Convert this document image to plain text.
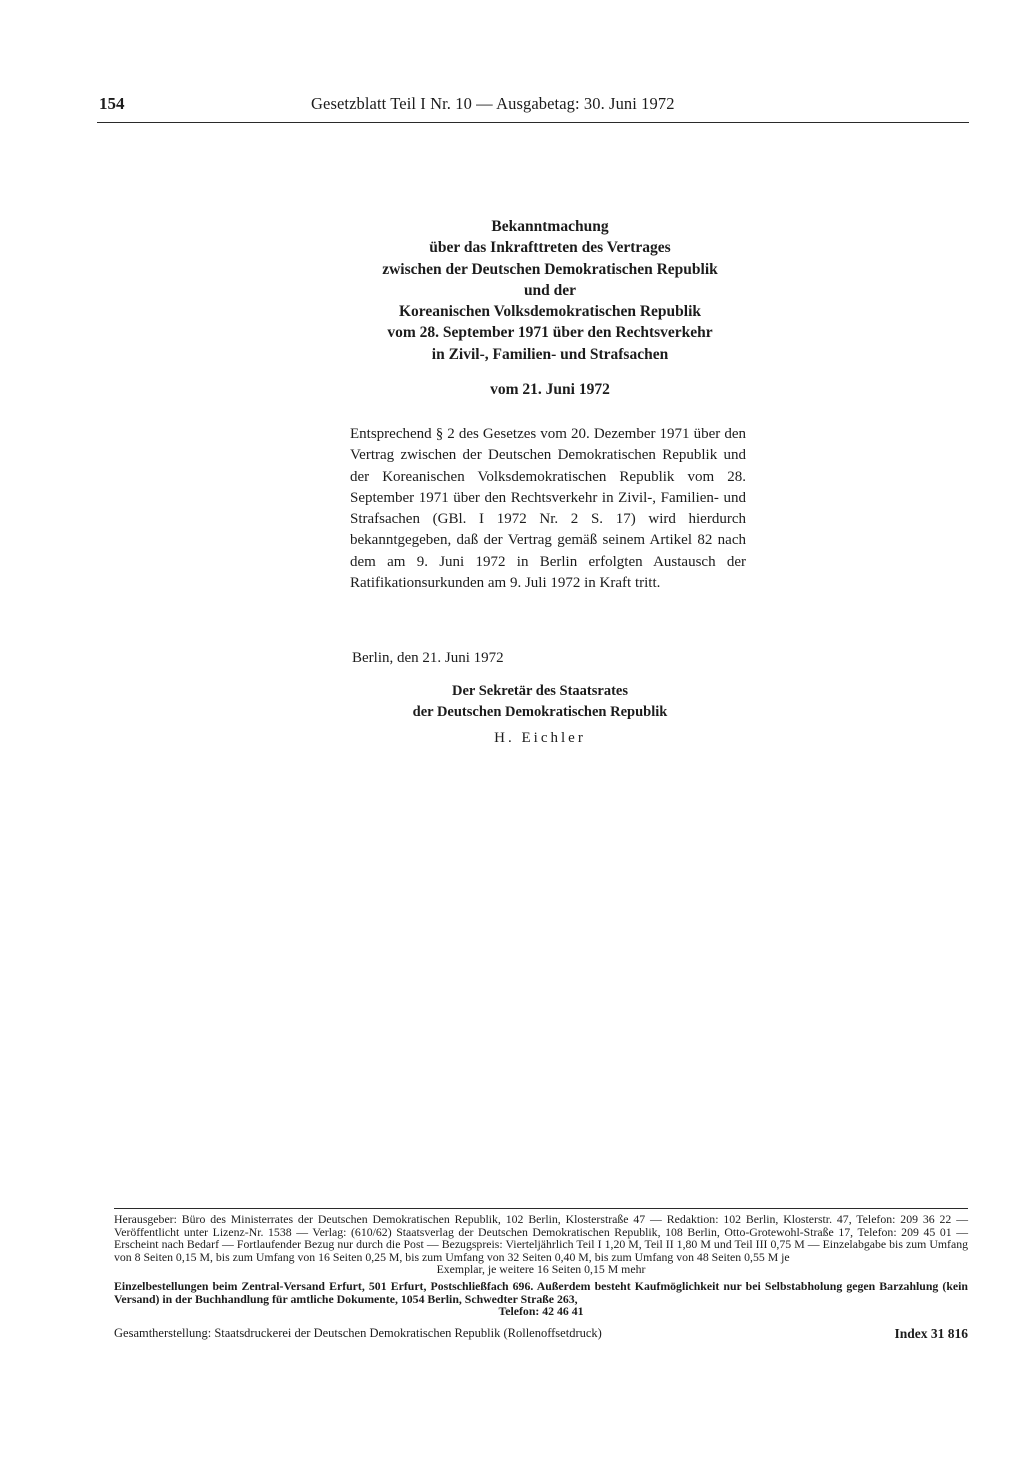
154	Gesetzblatt Teil I Nr. 10 — Ausgabetag: 30. Juni 1972
Bekanntmachung
über das Inkrafttreten des Vertrages
zwischen der Deutschen Demokratischen Republik
und der
Koreanischen Volksdemokratischen Republik
vom 28. September 1971 über den Rechtsverkehr
in Zivil-, Familien- und Strafsachen
vom 21. Juni 1972
Entsprechend § 2 des Gesetzes vom 20. Dezember 1971 über den Vertrag zwischen der Deutschen Demokratischen Republik und der Koreanischen Volksdemokratischen Republik vom 28. September 1971 über den Rechtsverkehr in Zivil-, Familien- und Strafsachen (GBl. I 1972 Nr. 2 S. 17) wird hierdurch bekanntgegeben, daß der Vertrag gemäß seinem Artikel 82 nach dem am 9. Juni 1972 in Berlin erfolgten Austausch der Ratifikationsurkunden am 9. Juli 1972 in Kraft tritt.
Berlin, den 21. Juni 1972
Der Sekretär des Staatsrates
der Deutschen Demokratischen Republik
H. Eichler

Herausgeber: Büro des Ministerrates der Deutschen Demokratischen Republik, 102 Berlin, Klosterstraße 47 — Redaktion: 102 Berlin, Klosterstr. 47, Telefon: 209 36 22 — Veröffentlicht unter Lizenz-Nr. 1538 — Verlag: (610/62) Staatsverlag der Deutschen Demokratischen Republik, 108 Berlin, Otto-Grotewohl-Straße 17, Telefon: 209 45 01 — Erscheint nach Bedarf — Fortlaufender Bezug nur durch die Post — Bezugspreis: Vierteljährlich Teil I 1,20 M, Teil II 1,80 M und Teil III 0,75 M — Einzelabgabe bis zum Umfang von 8 Seiten 0,15 M, bis zum Umfang von 16 Seiten 0,25 M, bis zum Umfang von 32 Seiten 0,40 M, bis zum Umfang von 48 Seiten 0,55 M je

Exemplar, je weitere 16 Seiten 0,15 M mehr

Einzelbestellungen beim Zentral-Versand Erfurt, 501 Erfurt, Postschließfach 696. Außerdem besteht Kaufmöglichkeit nur bei Selbstabholung gegen Barzahlung (kein Versand) in der Buchhandlung für amtliche Dokumente, 1054 Berlin, Schwedter Straße 263,

Telefon: 42 46 41

Gesamtherstellung: Staatsdruckerei der Deutschen Demokratischen Republik (Rollenoffsetdruck)	Index 31 816
